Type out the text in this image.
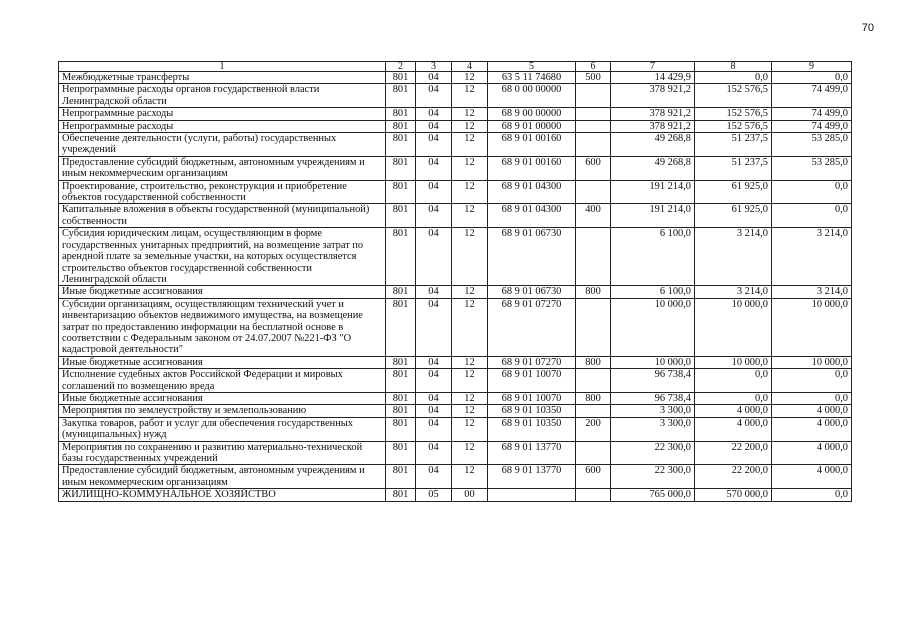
70
1	2	3	4	5	6	7	8	9
Межбюджетные трансферты	801	04	12	63 5 11 74680	500	14 429,9	0,0	0,0
Непрограммные расходы органов государственной власти Ленинградской области	801	04	12	68 0 00 00000		378 921,2	152 576,5	74 499,0
Непрограммные расходы	801	04	12	68 9 00 00000		378 921,2	152 576,5	74 499,0
Непрограммные расходы	801	04	12	68 9 01 00000		378 921,2	152 576,5	74 499,0
Обеспечение деятельности (услуги, работы) государственных учреждений	801	04	12	68 9 01 00160		49 268,8	51 237,5	53 285,0
Предоставление субсидий бюджетным, автономным учреждениям и иным некоммерческим организациям	801	04	12	68 9 01 00160	600	49 268,8	51 237,5	53 285,0
Проектирование, строительство, реконструкция и приобретение объектов государственной собственности	801	04	12	68 9 01 04300		191 214,0	61 925,0	0,0
Капитальные вложения в объекты государственной (муниципальной) собственности	801	04	12	68 9 01 04300	400	191 214,0	61 925,0	0,0
Субсидия юридическим лицам, осуществляющим в форме государственных унитарных предприятий, на возмещение затрат по арендной плате за земельные участки, на которых осуществляется строительство объектов государственной собственности Ленинградской области	801	04	12	68 9 01 06730		6 100,0	3 214,0	3 214,0
Иные бюджетные ассигнования	801	04	12	68 9 01 06730	800	6 100,0	3 214,0	3 214,0
Субсидии организациям, осуществляющим технический учет и инвентаризацию объектов недвижимого имущества, на возмещение затрат по предоставлению информации на бесплатной основе в соответствии с Федеральным законом от 24.07.2007 №221-ФЗ "О кадастровой деятельности"	801	04	12	68 9 01 07270		10 000,0	10 000,0	10 000,0
Иные бюджетные ассигнования	801	04	12	68 9 01 07270	800	10 000,0	10 000,0	10 000,0
Исполнение судебных актов Российской Федерации и мировых соглашений по возмещению вреда	801	04	12	68 9 01 10070		96 738,4	0,0	0,0
Иные бюджетные ассигнования	801	04	12	68 9 01 10070	800	96 738,4	0,0	0,0
Мероприятия по землеустройству и землепользованию	801	04	12	68 9 01 10350		3 300,0	4 000,0	4 000,0
Закупка товаров, работ и услуг для обеспечения государственных (муниципальных) нужд	801	04	12	68 9 01 10350	200	3 300,0	4 000,0	4 000,0
Мероприятия по сохранению и развитию материально-технической базы государственных учреждений	801	04	12	68 9 01 13770		22 300,0	22 200,0	4 000,0
Предоставление субсидий бюджетным, автономным учреждениям и иным некоммерческим организациям	801	04	12	68 9 01 13770	600	22 300,0	22 200,0	4 000,0
ЖИЛИЩНО-КОММУНАЛЬНОЕ ХОЗЯЙСТВО	801	05	00			765 000,0	570 000,0	0,0
